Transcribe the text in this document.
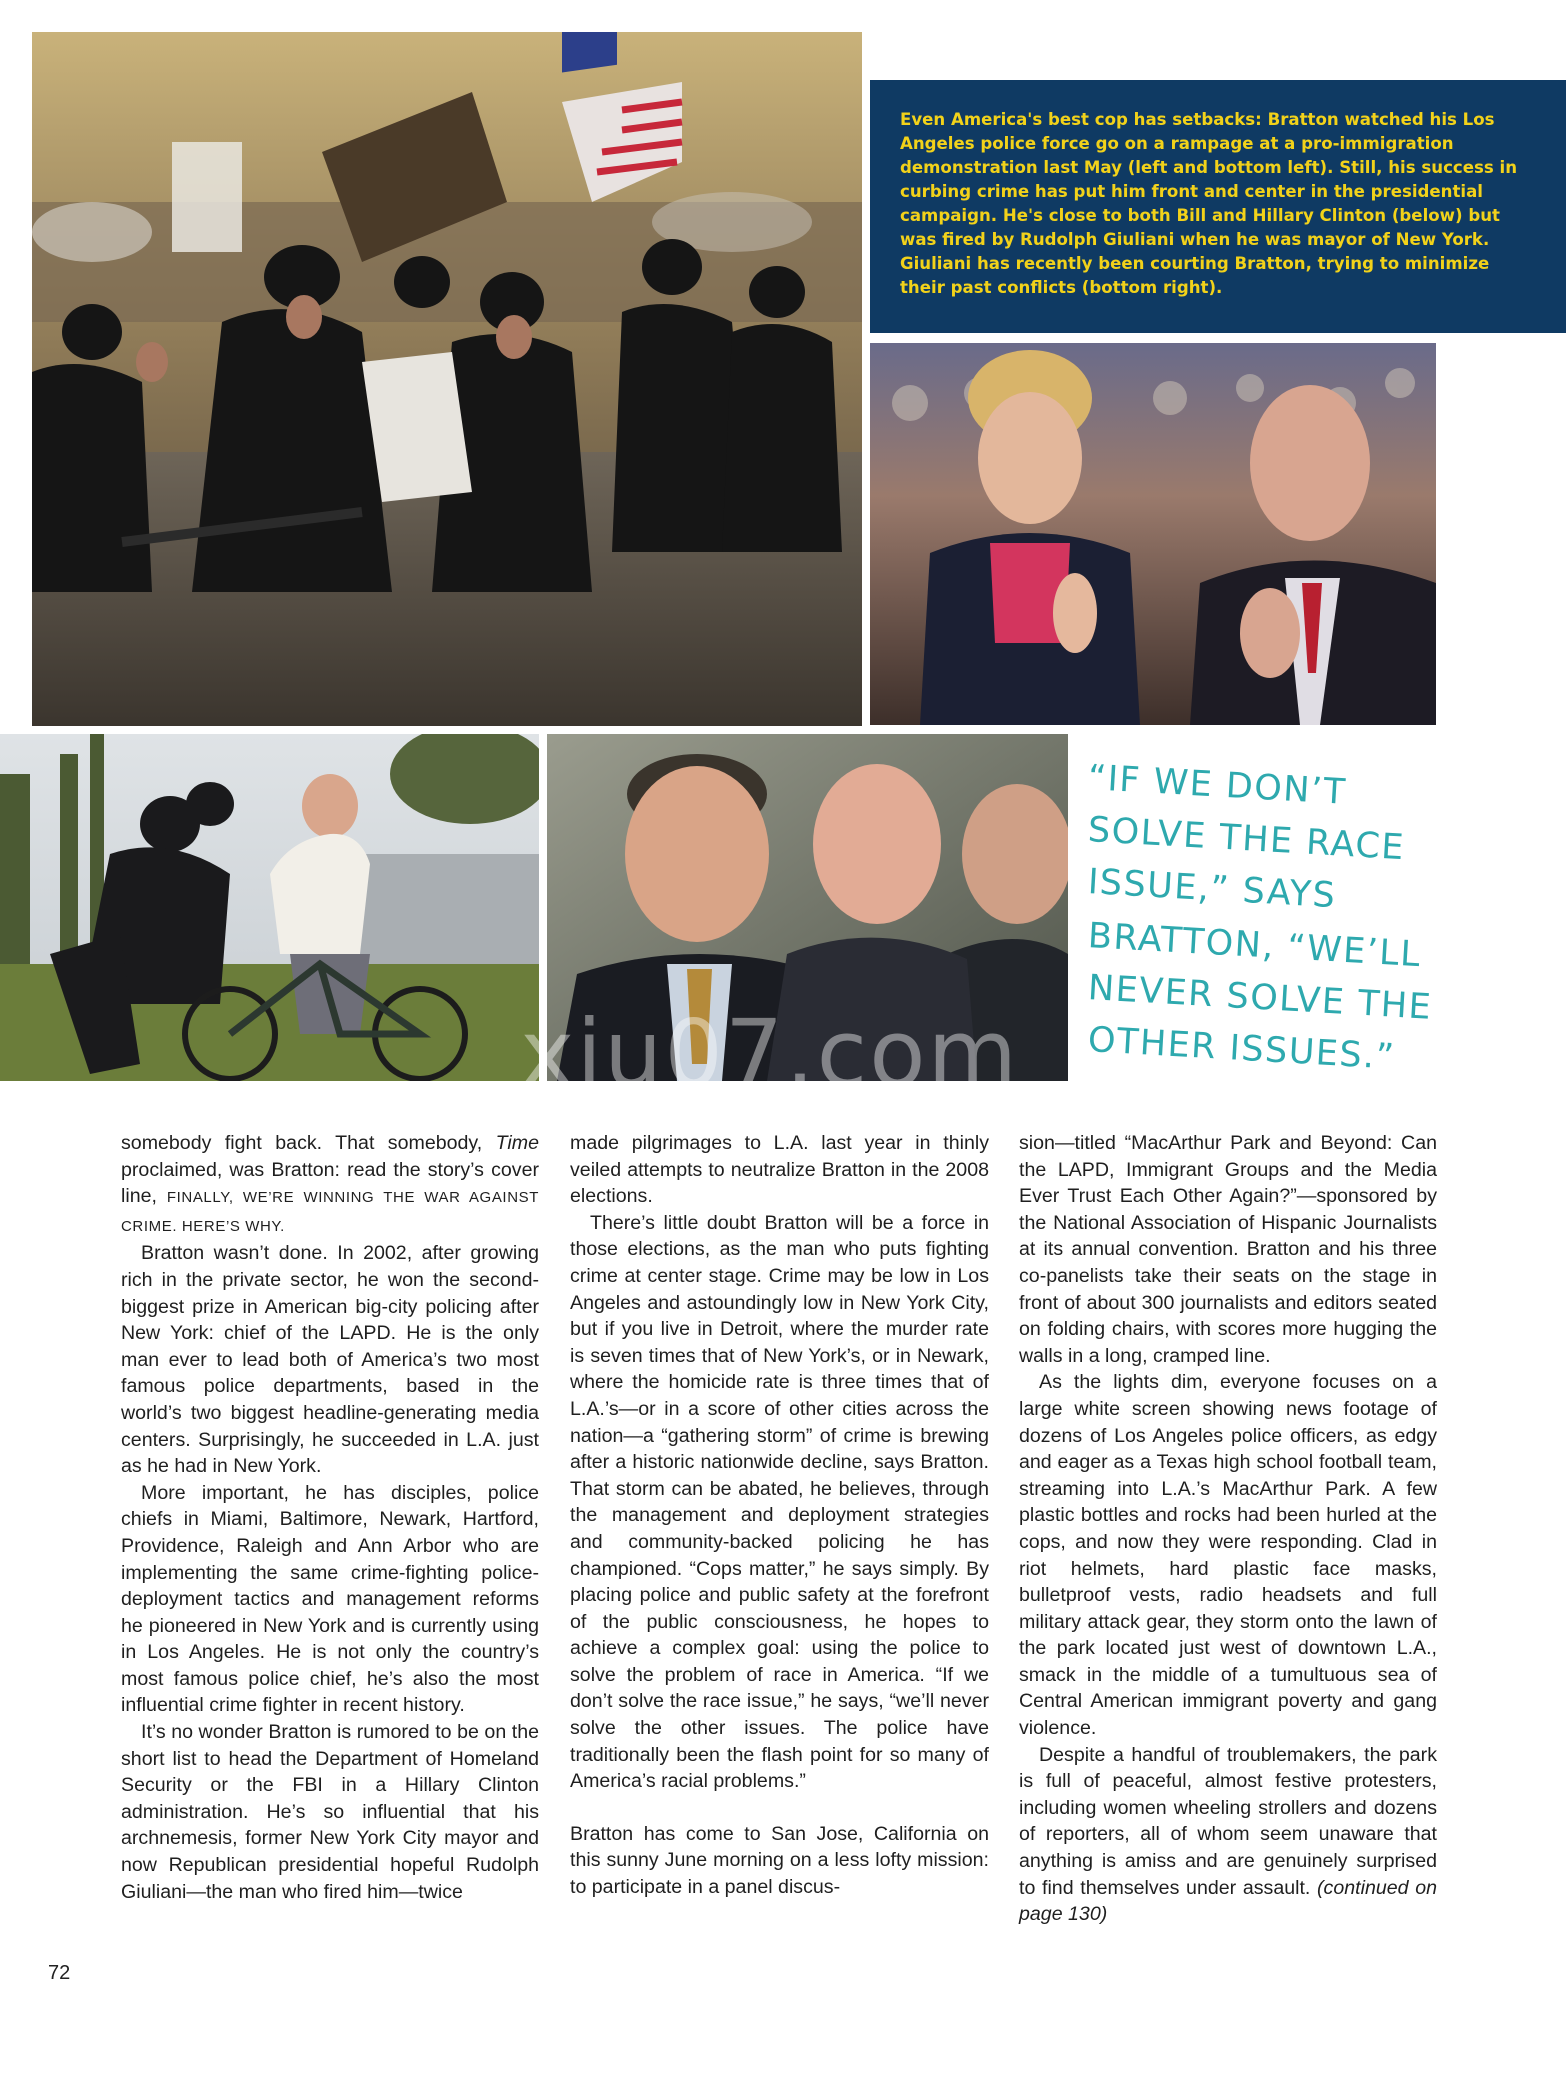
Even America's best cop has setbacks: Bratton watched his Los Angeles police force go on a rampage at a pro-immigration demonstration last May (left and bottom left). Still, his success in curbing crime has put him front and center in the presidential campaign. He's close to both Bill and Hillary Clinton (below) but was fired by Rudolph Giuliani when he was mayor of New York. Giuliani has recently been courting Bratton, trying to minimize their past conflicts (bottom right).

“IF WE DON’T
SOLVE THE RACE
ISSUE,” SAYS
BRATTON, “WE’LL
NEVER SOLVE THE
OTHER ISSUES.”
xiu07.com

somebody fight back. That somebody, Time proclaimed, was Bratton: read the story’s cover line, FINALLY, WE’RE WINNING THE WAR AGAINST CRIME. HERE’S WHY.

Bratton wasn’t done. In 2002, after growing rich in the private sector, he won the second-biggest prize in American big-city policing after New York: chief of the LAPD. He is the only man ever to lead both of America’s two most famous police departments, based in the world’s two biggest headline-generating media centers. Surprisingly, he succeeded in L.A. just as he had in New York.

More important, he has disciples, police chiefs in Miami, Baltimore, Newark, Hartford, Providence, Raleigh and Ann Arbor who are implementing the same crime-fighting police-deployment tactics and management reforms he pioneered in New York and is currently using in Los Angeles. He is not only the country’s most famous police chief, he’s also the most influential crime fighter in recent history.

It’s no wonder Bratton is rumored to be on the short list to head the Department of Homeland Security or the FBI in a Hillary Clinton administration. He’s so influential that his archnemesis, former New York City mayor and now Republican presidential hopeful Rudolph Giuliani—the man who fired him—twice

made pilgrimages to L.A. last year in thinly veiled attempts to neutralize Bratton in the 2008 elections.

There’s little doubt Bratton will be a force in those elections, as the man who puts fighting crime at center stage. Crime may be low in Los Angeles and astoundingly low in New York City, but if you live in Detroit, where the murder rate is seven times that of New York’s, or in Newark, where the homicide rate is three times that of L.A.’s—or in a score of other cities across the nation—a “gathering storm” of crime is brewing after a historic nationwide decline, says Bratton. That storm can be abated, he believes, through the management and deployment strategies and community-backed policing he has championed. “Cops matter,” he says simply. By placing police and public safety at the forefront of the public consciousness, he hopes to achieve a complex goal: using the police to solve the problem of race in America. “If we don’t solve the race issue,” he says, “we’ll never solve the other issues. The police have traditionally been the flash point for so many of America’s racial problems.”

Bratton has come to San Jose, California on this sunny June morning on a less lofty mission: to participate in a panel discus-

sion—titled “MacArthur Park and Beyond: Can the LAPD, Immigrant Groups and the Media Ever Trust Each Other Again?”—sponsored by the National Association of Hispanic Journalists at its annual convention. Bratton and his three co-panelists take their seats on the stage in front of about 300 journalists and editors seated on folding chairs, with scores more hugging the walls in a long, cramped line.

As the lights dim, everyone focuses on a large white screen showing news footage of dozens of Los Angeles police officers, as edgy and eager as a Texas high school football team, streaming into L.A.’s MacArthur Park. A few plastic bottles and rocks had been hurled at the cops, and now they were responding. Clad in riot helmets, hard plastic face masks, bulletproof vests, radio headsets and full military attack gear, they storm onto the lawn of the park located just west of downtown L.A., smack in the middle of a tumultuous sea of Central American immigrant poverty and gang violence.

Despite a handful of troublemakers, the park is full of peaceful, almost festive protesters, including women wheeling strollers and dozens of reporters, all of whom seem unaware that anything is amiss and are genuinely surprised to find themselves under assault. (continued on page 130)

72
